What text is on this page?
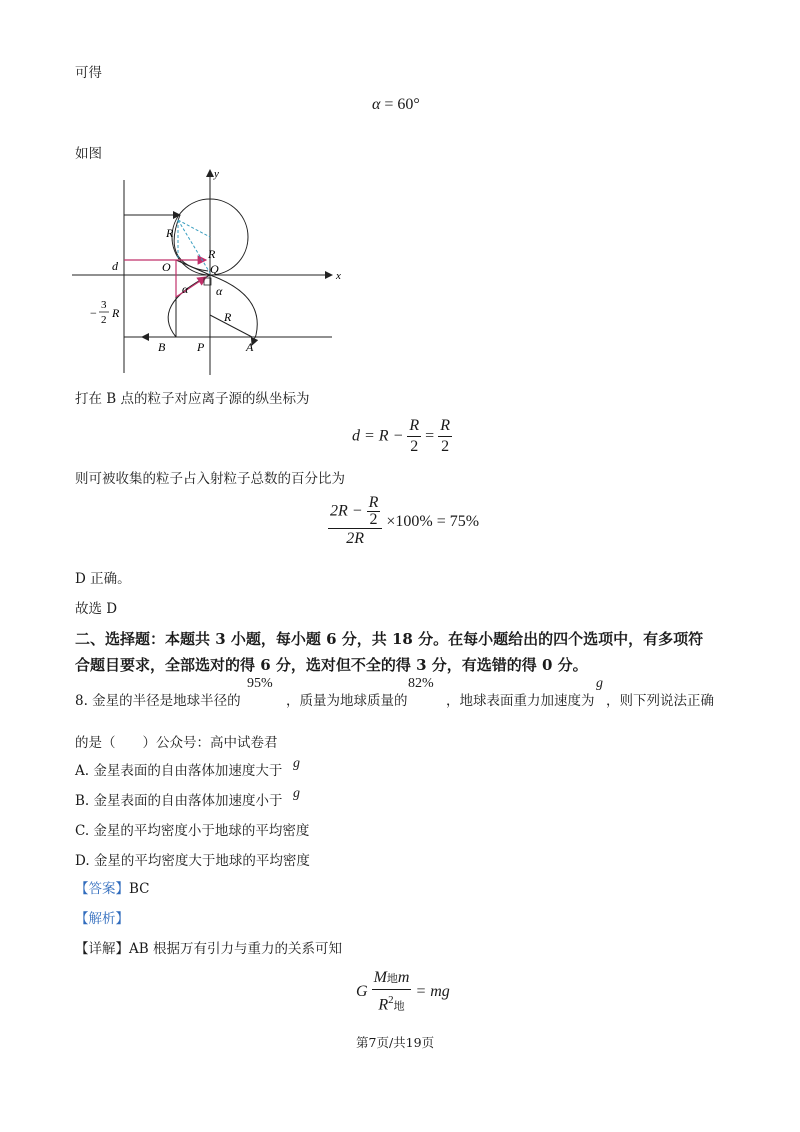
可得
α = 60°
如图
y
x
d	O	Q
R
R
R
α α
B	P	A
−
3
2 R
打在 B 点的粒子对应离子源的纵坐标为
$d = R - \frac{R}{2} = \frac{R}{2}$
则可被收集的粒子占入射粒子总数的百分比为
$\frac{2R - \frac{R}{2}}{2R} \times 100\% = 75\%$
D 正确。
故选 D
二、选择题：本题共 3 小题，每小题 6 分，共 18 分。在每小题给出的四个选项中，有多项符
合题目要求，全部选对的得 6 分，选对但不全的得 3 分，有选错的得 0 分。
8. 金星的半径是地球半径的
95%
，质量为地球质量的
82%
，地球表面重力加速度为
g
，则下列说法正确
的是（　　）公众号：高中试卷君
A. 金星表面的自由落体加速度大于 g
B. 金星表面的自由落体加速度小于 g
C. 金星的平均密度小于地球的平均密度
D. 金星的平均密度大于地球的平均密度
【答案】BC
【解析】
【详解】AB 根据万有引力与重力的关系可知
G $\frac{\text{M地m}}{R^2地}$ = mg
第7页/共19页
